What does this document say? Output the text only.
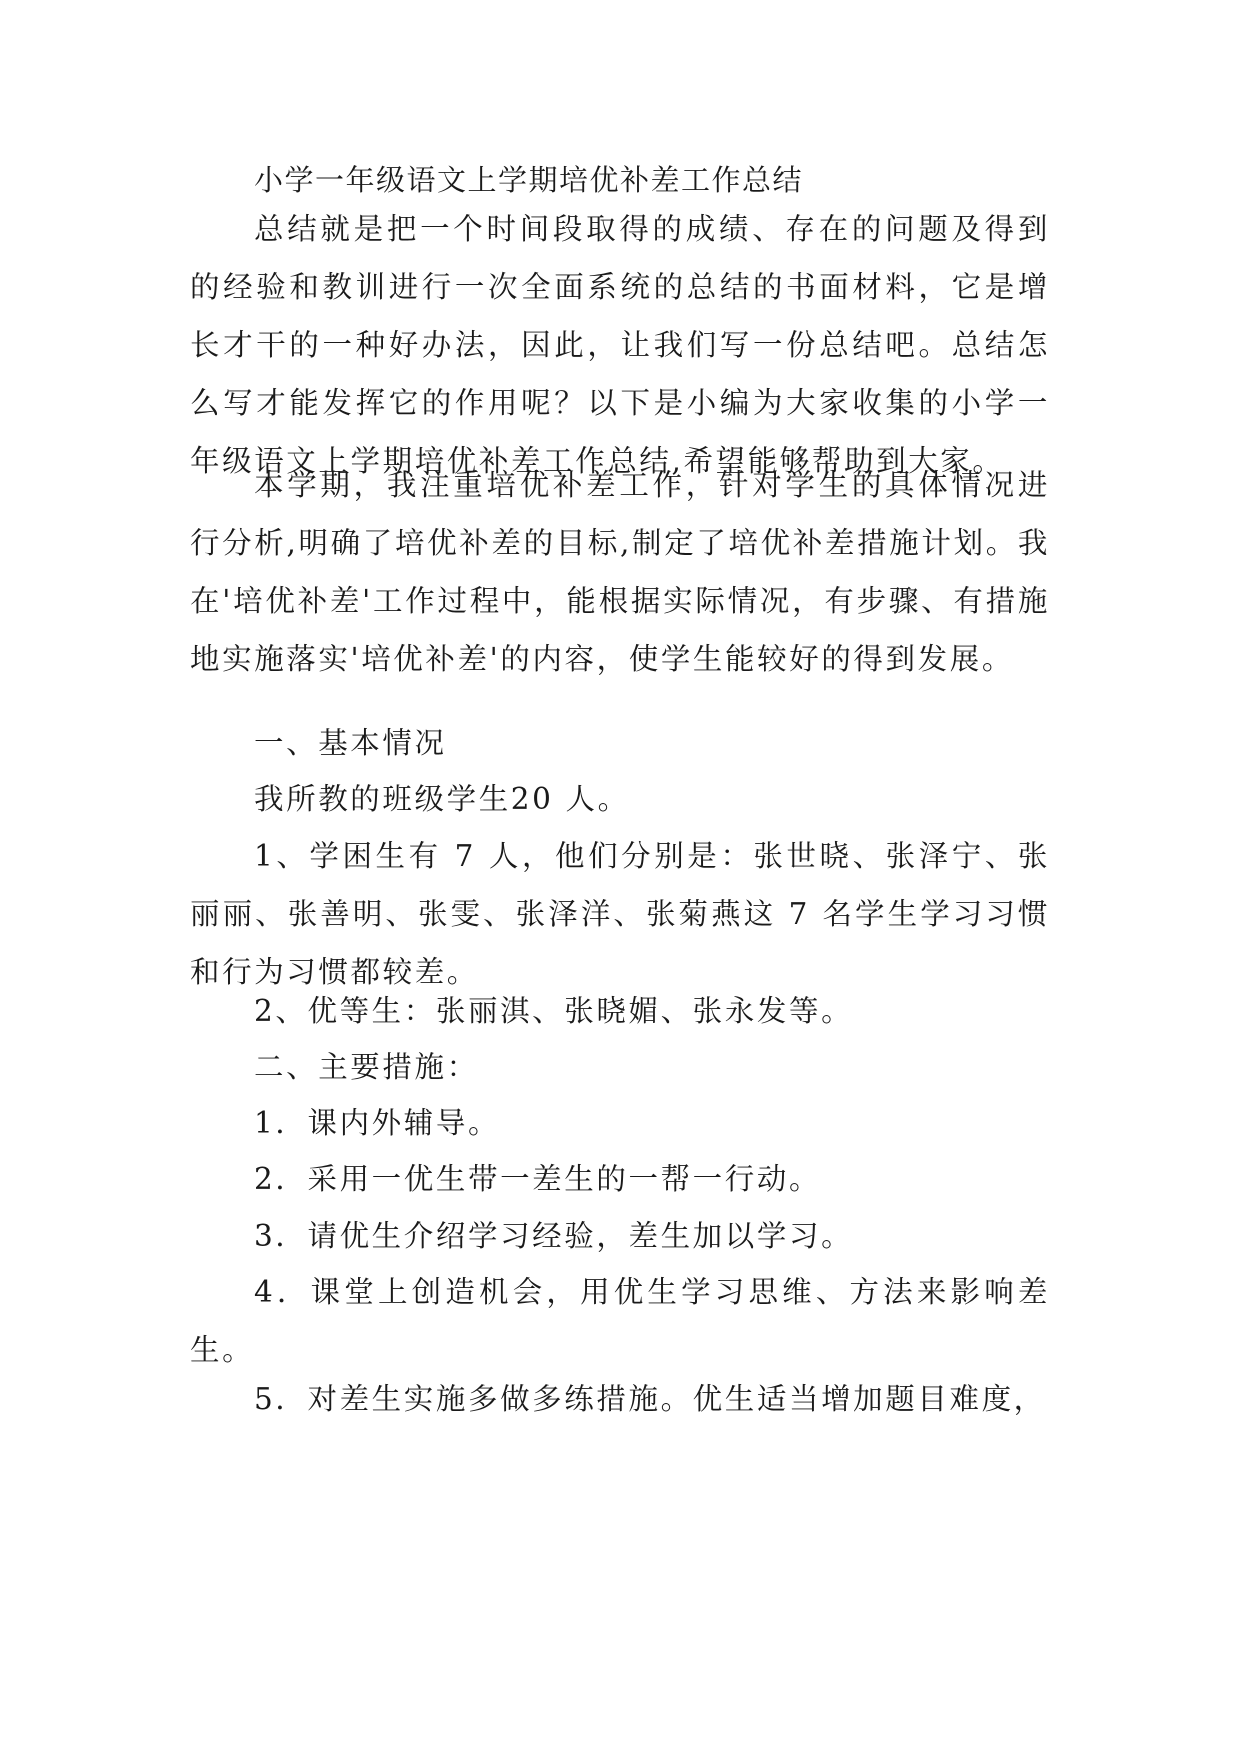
小学一年级语文上学期培优补差工作总结

总结就是把一个时间段取得的成绩、存在的问题及得到的经验和教训进行一次全面系统的总结的书面材料，它是增长才干的一种好办法，因此，让我们写一份总结吧。总结怎么写才能发挥它的作用呢？以下是小编为大家收集的小学一年级语文上学期培优补差工作总结,希望能够帮助到大家。

本学期，我注重培优补差工作，针对学生的具体情况进行分析,明确了培优补差的目标,制定了培优补差措施计划。我在'培优补差'工作过程中，能根据实际情况，有步骤、有措施地实施落实'培优补差'的内容，使学生能较好的得到发展。

一、基本情况

我所教的班级学生20 人。

1、学困生有 7 人，他们分别是：张世晓、张泽宁、张丽丽、张善明、张雯、张泽洋、张菊燕这 7 名学生学习习惯和行为习惯都较差。

2、优等生：张丽淇、张晓媚、张永发等。

二、主要措施：

1．课内外辅导。

2．采用一优生带一差生的一帮一行动。

3．请优生介绍学习经验，差生加以学习。

4．课堂上创造机会，用优生学习思维、方法来影响差生。

5．对差生实施多做多练措施。优生适当增加题目难度，
